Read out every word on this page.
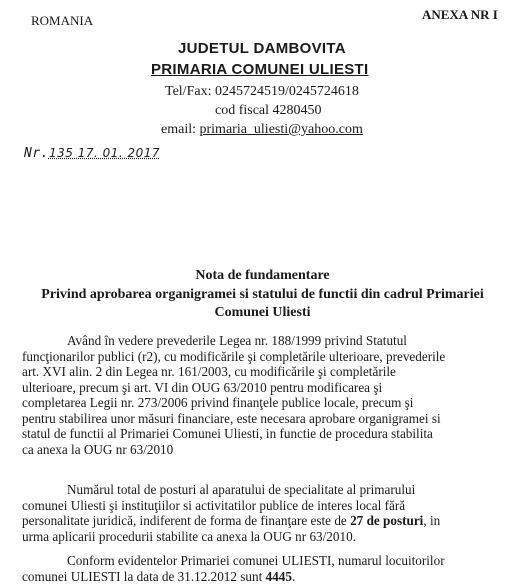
ROMANIA	ANEXA NR I
JUDETUL DAMBOVITA
PRIMARIA COMUNEI ULIESTI
Tel/Fax: 0245724519/0245724618
cod fiscal 4280450
email: primaria_uliesti@yahoo.com
Nr.135 17. 01. 2017
Nota de fundamentare
Privind aprobarea organigramei si statului de functii din cadrul Primariei
Comunei Uliesti

Având în vedere prevederile Legea nr. 188/1999 privind Statutul

funcţionarilor publici (r2), cu modificările şi completările ulterioare, prevederile

art. XVI alin. 2 din Legea nr. 161/2003, cu modificările şi completările

ulterioare, precum şi art. VI din OUG 63/2010 pentru modificarea şi

completarea Legii nr. 273/2006 privind finanţele publice locale, precum şi

pentru stabilirea unor măsuri financiare, este necesara aprobare organigramei si

statul de functii al Primariei Comunei Uliesti, in functie de procedura stabilita

ca anexa la OUG nr 63/2010

Numărul total de posturi al aparatului de specialitate al primarului

comunei Uliesti şi instituţiilor si activitatilor publice de interes local fără

personalitate juridică, indiferent de forma de finanţare este de 27 de posturi, in

urma aplicarii procedurii stabilite ca anexa la OUG nr 63/2010.

Conform evidentelor Primariei comunei ULIESTI, numarul locuitorilor

comunei ULIESTI la data de 31.12.2012 sunt 4445.
